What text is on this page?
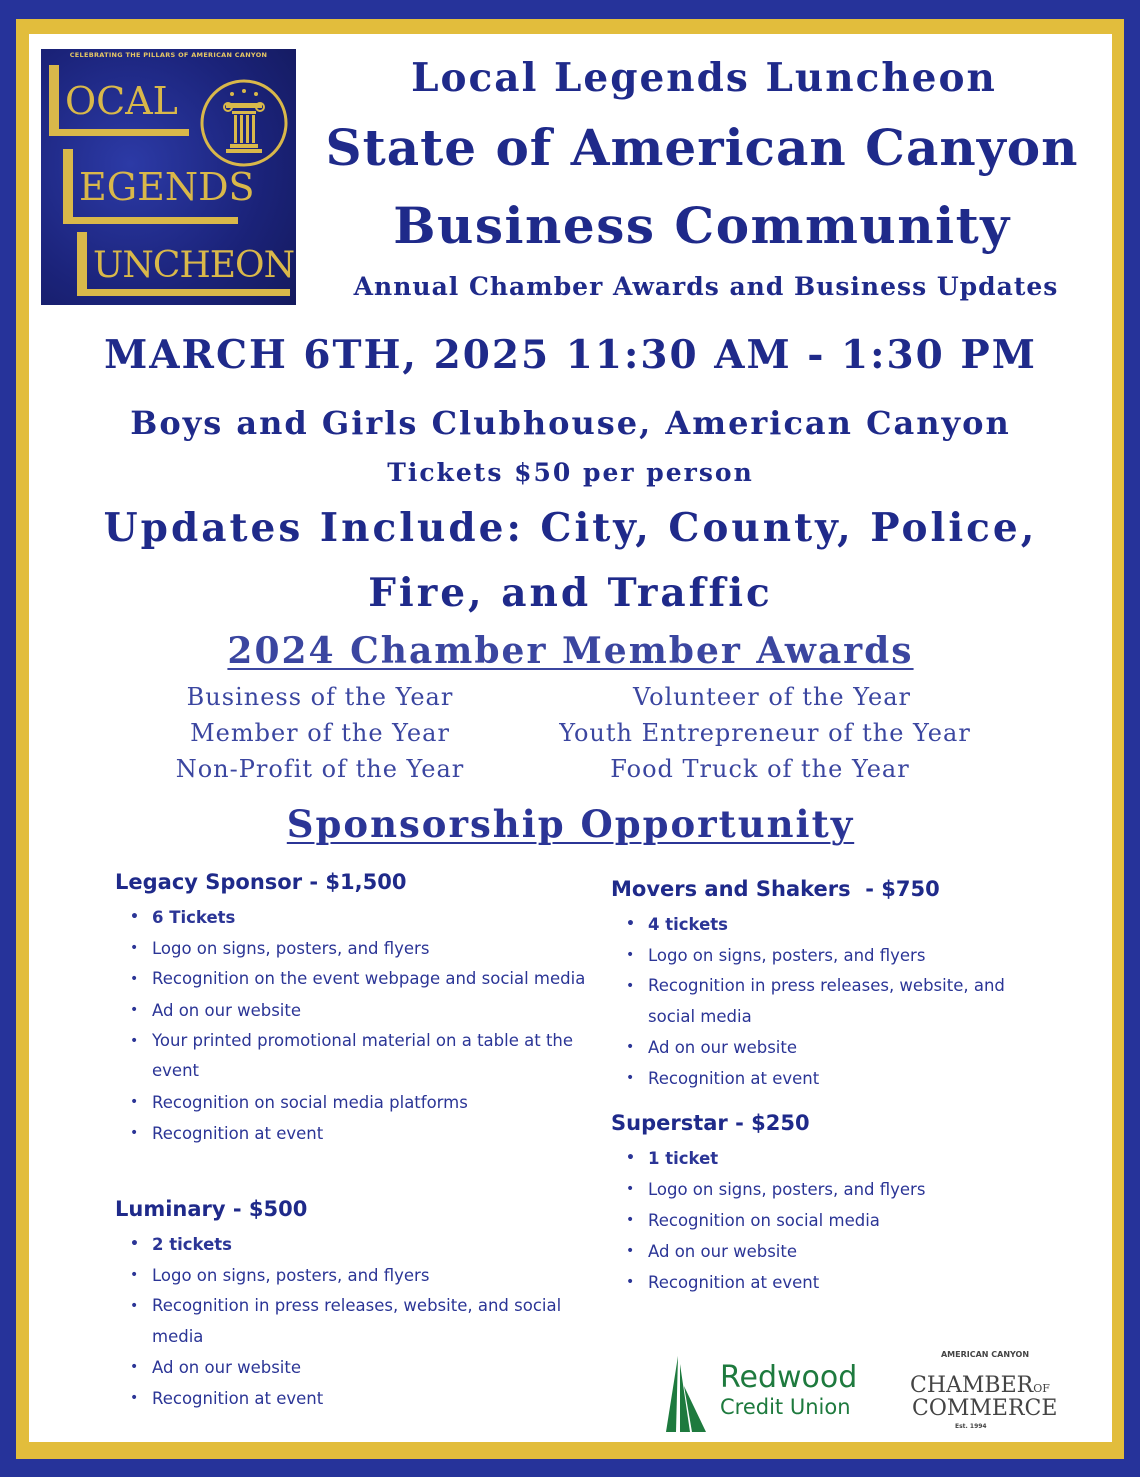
CELEBRATING THE PILLARS OF AMERICAN CANYON
OCAL
EGENDS
UNCHEON
Local Legends Luncheon
State of American Canyon
Business Community
Annual Chamber Awards and Business Updates
MARCH 6TH, 2025 11:30 AM - 1:30 PM
Boys and Girls Clubhouse, American Canyon
Tickets $50 per person
Updates Include: City, County, Police,
Fire, and Traffic
2024 Chamber Member Awards
Business of the Year
Member of the Year
Non-Profit of the Year
Volunteer of the Year
Youth Entrepreneur of the Year
Food Truck of the Year
Sponsorship Opportunity
Legacy Sponsor - $1,500
• 6 Tickets
• Logo on signs, posters, and flyers
• Recognition on the event webpage and social media
• Ad on our website
• Your printed promotional material on a table at the event
• Recognition on social media platforms
• Recognition at event
Luminary - $500
• 2 tickets
• Logo on signs, posters, and flyers
• Recognition in press releases, website, and social media
• Ad on our website
• Recognition at event
Movers and Shakers  - $750
• 4 tickets
• Logo on signs, posters, and flyers
• Recognition in press releases, website, and social media
• Ad on our website
• Recognition at event
Superstar - $250
• 1 ticket
• Logo on signs, posters, and flyers
• Recognition on social media
• Ad on our website
• Recognition at event
Redwood
Credit Union
AMERICAN CANYON
CHAMBEROF
COMMERCE
Est. 1994
